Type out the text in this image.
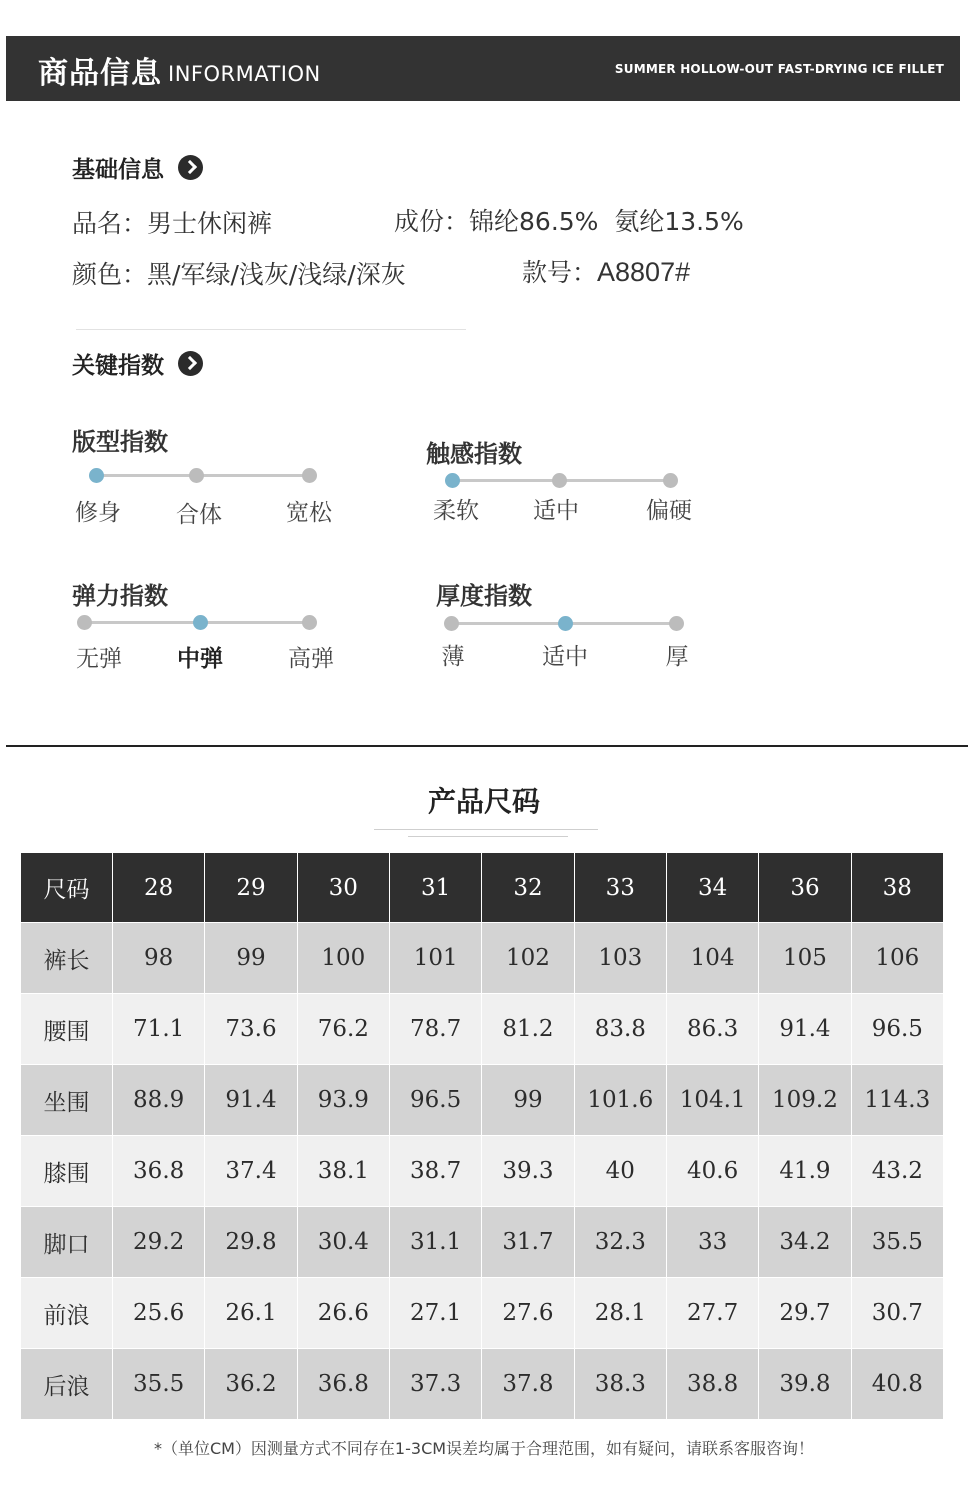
商品信息 INFORMATION	SUMMER HOLLOW-OUT FAST-DRYING ICE FILLET
基础信息
品名：男士休闲裤	成份：锦纶86.5%  氨纶13.5%
颜色：黑/军绿/浅灰/浅绿/深灰	款号：A8807#
关键指数
版型指数
修身 合体	宽松
触感指数
柔软 适中	偏硬
弹力指数
无弹 中弹	高弹
厚度指数
薄	适中	厚
产品尺码
尺码	28	29	30	31	32	33	34	36	38
裤长	98	99	100	101	102	103	104	105	106
腰围	71.1	73.6	76.2	78.7	81.2	83.8	86.3	91.4	96.5
坐围	88.9	91.4	93.9	96.5	99	101.6	104.1	109.2	114.3
膝围	36.8	37.4	38.1	38.7	39.3	40	40.6	41.9	43.2
脚口	29.2	29.8	30.4	31.1	31.7	32.3	33	34.2	35.5
前浪	25.6	26.1	26.6	27.1	27.6	28.1	27.7	29.7	30.7
后浪	35.5	36.2	36.8	37.3	37.8	38.3	38.8	39.8	40.8
*（单位CM）因测量方式不同存在1-3CM误差均属于合理范围，如有疑问，请联系客服咨询！
